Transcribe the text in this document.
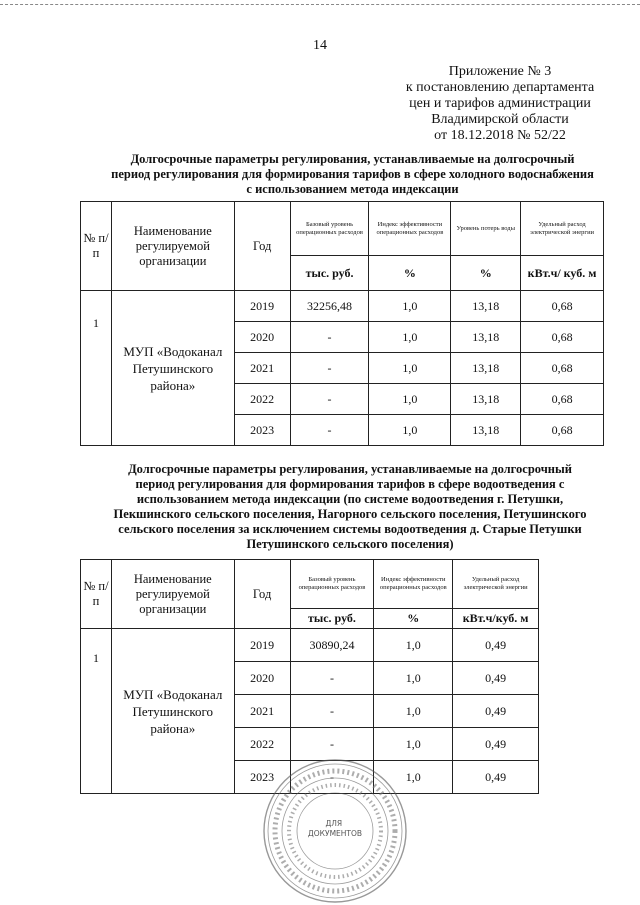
14
Приложение № 3
к постановлению департамента
цен и тарифов администрации
Владимирской области
от 18.12.2018 № 52/22
Долгосрочные параметры регулирования, устанавливаемые на долгосрочный
период регулирования для формирования тарифов в сфере холодного водоснабжения
с использованием метода индексации
№ п/п	Наименование регулируемой организации	Год	Базовый уровень операционных расходов	Индекс эффективности операционных расходов	Уровень потерь воды	Удельный расход электрической энергии
			тыс. руб.	%	%	кВт.ч/ куб. м
1	МУП «Водоканал Петушинского района»	2019	32256,48	1,0	13,18	0,68
		2020	-	1,0	13,18	0,68
		2021	-	1,0	13,18	0,68
		2022	-	1,0	13,18	0,68
		2023	-	1,0	13,18	0,68
Долгосрочные параметры регулирования, устанавливаемые на долгосрочный
период регулирования для формирования тарифов в сфере водоотведения с
использованием метода индексации (по системе водоотведения г. Петушки,
Пекшинского сельского поселения, Нагорного сельского поселения, Петушинского
сельского поселения за исключением системы водоотведения д. Старые Петушки
Петушинского сельского поселения)
№ п/п	Наименование регулируемой организации	Год	Базовый уровень операционных расходов	Индекс эффективности операционных расходов	Удельный расход электрической энергии
			тыс. руб.	%	кВт.ч/куб. м
1	МУП «Водоканал Петушинского района»	2019	30890,24	1,0	0,49
		2020	-	1,0	0,49
		2021	-	1,0	0,49
		2022	-	1,0	0,49
		2023	-	1,0	0,49
ДЛЯ ДОКУМЕНТОВ
